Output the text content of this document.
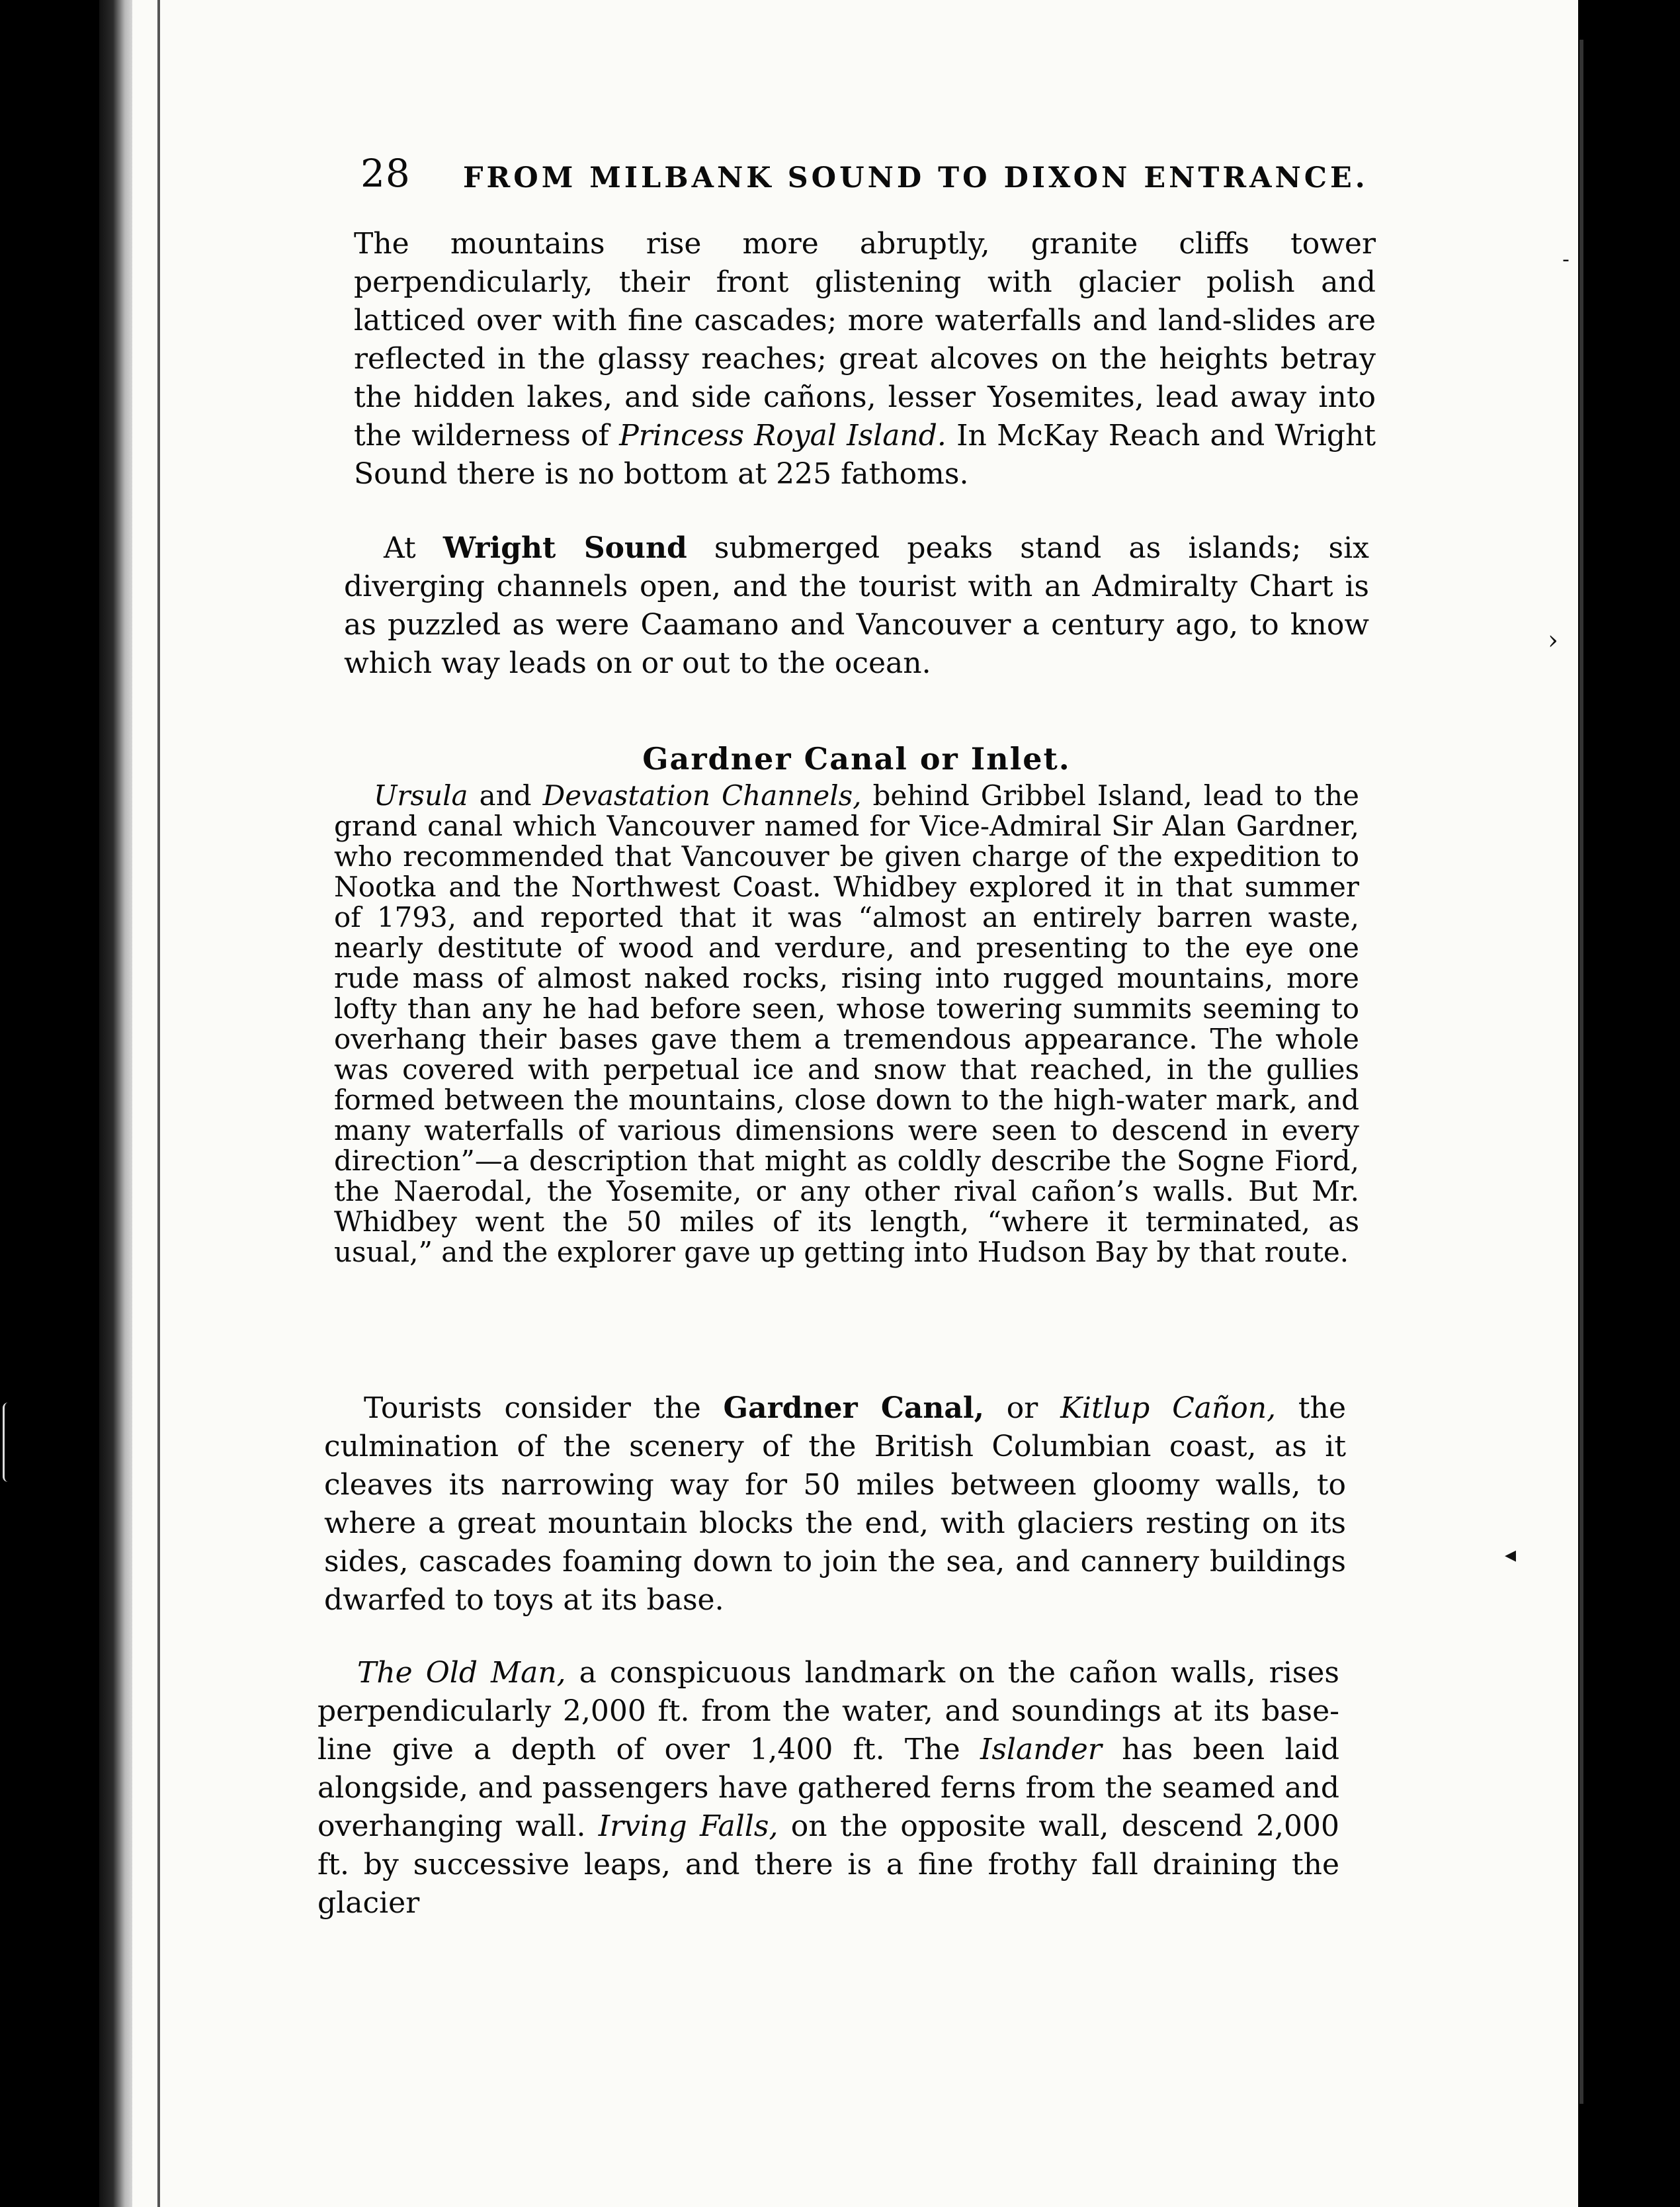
˗
›
◂
28 FROM MILBANK SOUND TO DIXON ENTRANCE.

The mountains rise more abruptly, granite cliffs tower perpendicularly, their front glistening with glacier polish and latticed over with fine cascades; more waterfalls and land-slides are reflected in the glassy reaches; great alcoves on the heights betray the hidden lakes, and side cañons, lesser Yosemites, lead away into the wilderness of Princess Royal Island. In McKay Reach and Wright Sound there is no bottom at 225 fathoms.

At Wright Sound submerged peaks stand as islands; six diverging channels open, and the tourist with an Admiralty Chart is as puzzled as were Caamano and Vancouver a century ago, to know which way leads on or out to the ocean.

Gardner Canal or Inlet.

Ursula and Devastation Channels, behind Gribbel Island, lead to the grand canal which Vancouver named for Vice-Admiral Sir Alan Gardner, who recommended that Vancouver be given charge of the expedition to Nootka and the Northwest Coast. Whidbey explored it in that summer of 1793, and reported that it was “almost an entirely barren waste, nearly destitute of wood and verdure, and presenting to the eye one rude mass of almost naked rocks, rising into rugged mountains, more lofty than any he had before seen, whose towering summits seeming to overhang their bases gave them a tremendous appearance. The whole was covered with perpetual ice and snow that reached, in the gullies formed between the mountains, close down to the high-water mark, and many waterfalls of various dimensions were seen to descend in every direction”—a description that might as coldly describe the Sogne Fiord, the Naerodal, the Yosemite, or any other rival cañon’s walls. But Mr. Whidbey went the 50 miles of its length, “where it terminated, as usual,” and the explorer gave up getting into Hudson Bay by that route.

Tourists consider the Gardner Canal, or Kitlup Cañon, the culmination of the scenery of the British Columbian coast, as it cleaves its narrowing way for 50 miles between gloomy walls, to where a great mountain blocks the end, with glaciers resting on its sides, cascades foaming down to join the sea, and cannery buildings dwarfed to toys at its base.

The Old Man, a conspicuous landmark on the cañon walls, rises perpendicularly 2,000 ft. from the water, and soundings at its base-line give a depth of over 1,400 ft. The Islander has been laid alongside, and passengers have gathered ferns from the seamed and overhanging wall. Irving Falls, on the opposite wall, descend 2,000 ft. by successive leaps, and there is a fine frothy fall draining the glacier
